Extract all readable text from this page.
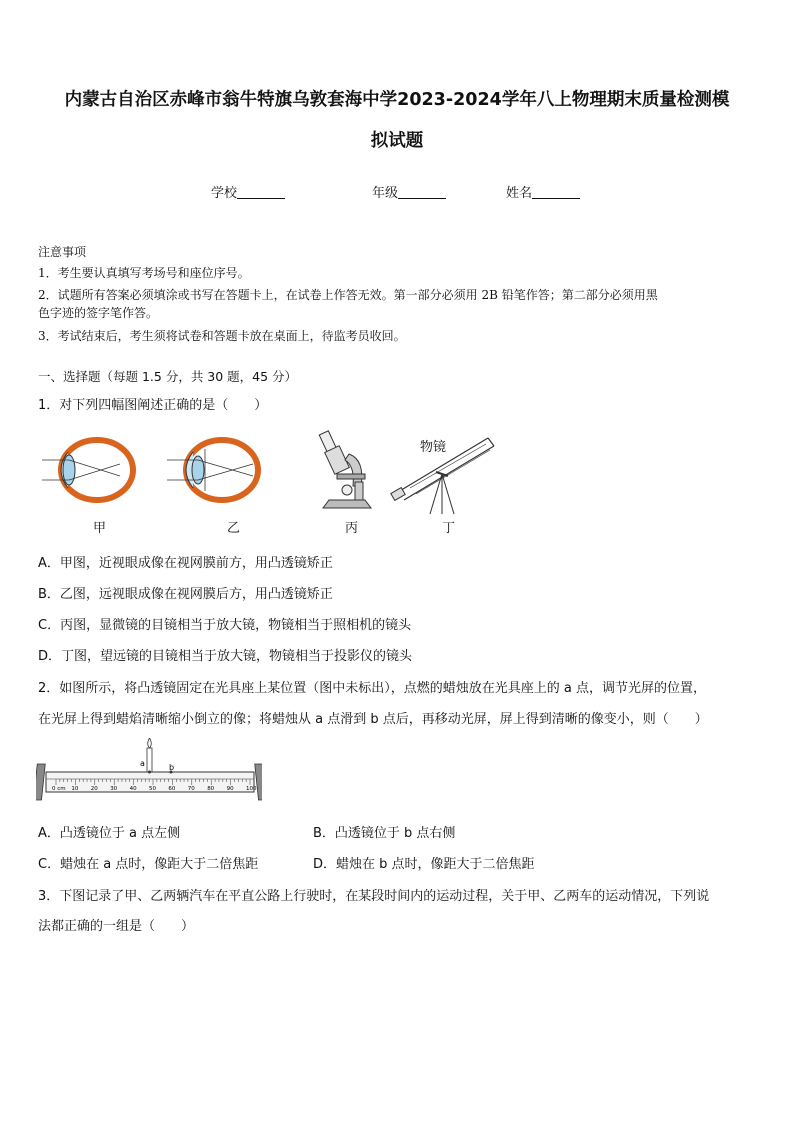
内蒙古自治区赤峰市翁牛特旗乌敦套海中学2023-2024学年八上物理期末质量检测模
拟试题
学校	年级	姓名
注意事项
1．考生要认真填写考场号和座位序号。
2．试题所有答案必须填涂或书写在答题卡上，在试卷上作答无效。第一部分必须用 2B 铅笔作答；第二部分必须用黑
色字迹的签字笔作答。
3．考试结束后，考生须将试卷和答题卡放在桌面上，待监考员收回。
一、选择题（每题 1.5 分，共 30 题，45 分）
1．对下列四幅图阐述正确的是（　　）
甲	乙	丙
物镜
丁
A．甲图，近视眼成像在视网膜前方，用凸透镜矫正
B．乙图，远视眼成像在视网膜后方，用凸透镜矫正
C．丙图，显微镜的目镜相当于放大镜，物镜相当于照相机的镜头
D．丁图，望远镜的目镜相当于放大镜，物镜相当于投影仪的镜头
2．如图所示，将凸透镜固定在光具座上某位置（图中未标出），点燃的蜡烛放在光具座上的 a 点，调节光屏的位置，
在光屏上得到蜡焰清晰缩小倒立的像；将蜡烛从 a 点滑到 b 点后，再移动光屏，屏上得到清晰的像变小，则（　　）
a	b
0 cm 10 20 30 40 50 60 70 80 90 100
A．凸透镜位于 a 点左侧	B．凸透镜位于 b 点右侧
C．蜡烛在 a 点时，像距大于二倍焦距	D．蜡烛在 b 点时，像距大于二倍焦距
3．下图记录了甲、乙两辆汽车在平直公路上行驶时，在某段时间内的运动过程，关于甲、乙两车的运动情况，下列说
法都正确的一组是（　　）
